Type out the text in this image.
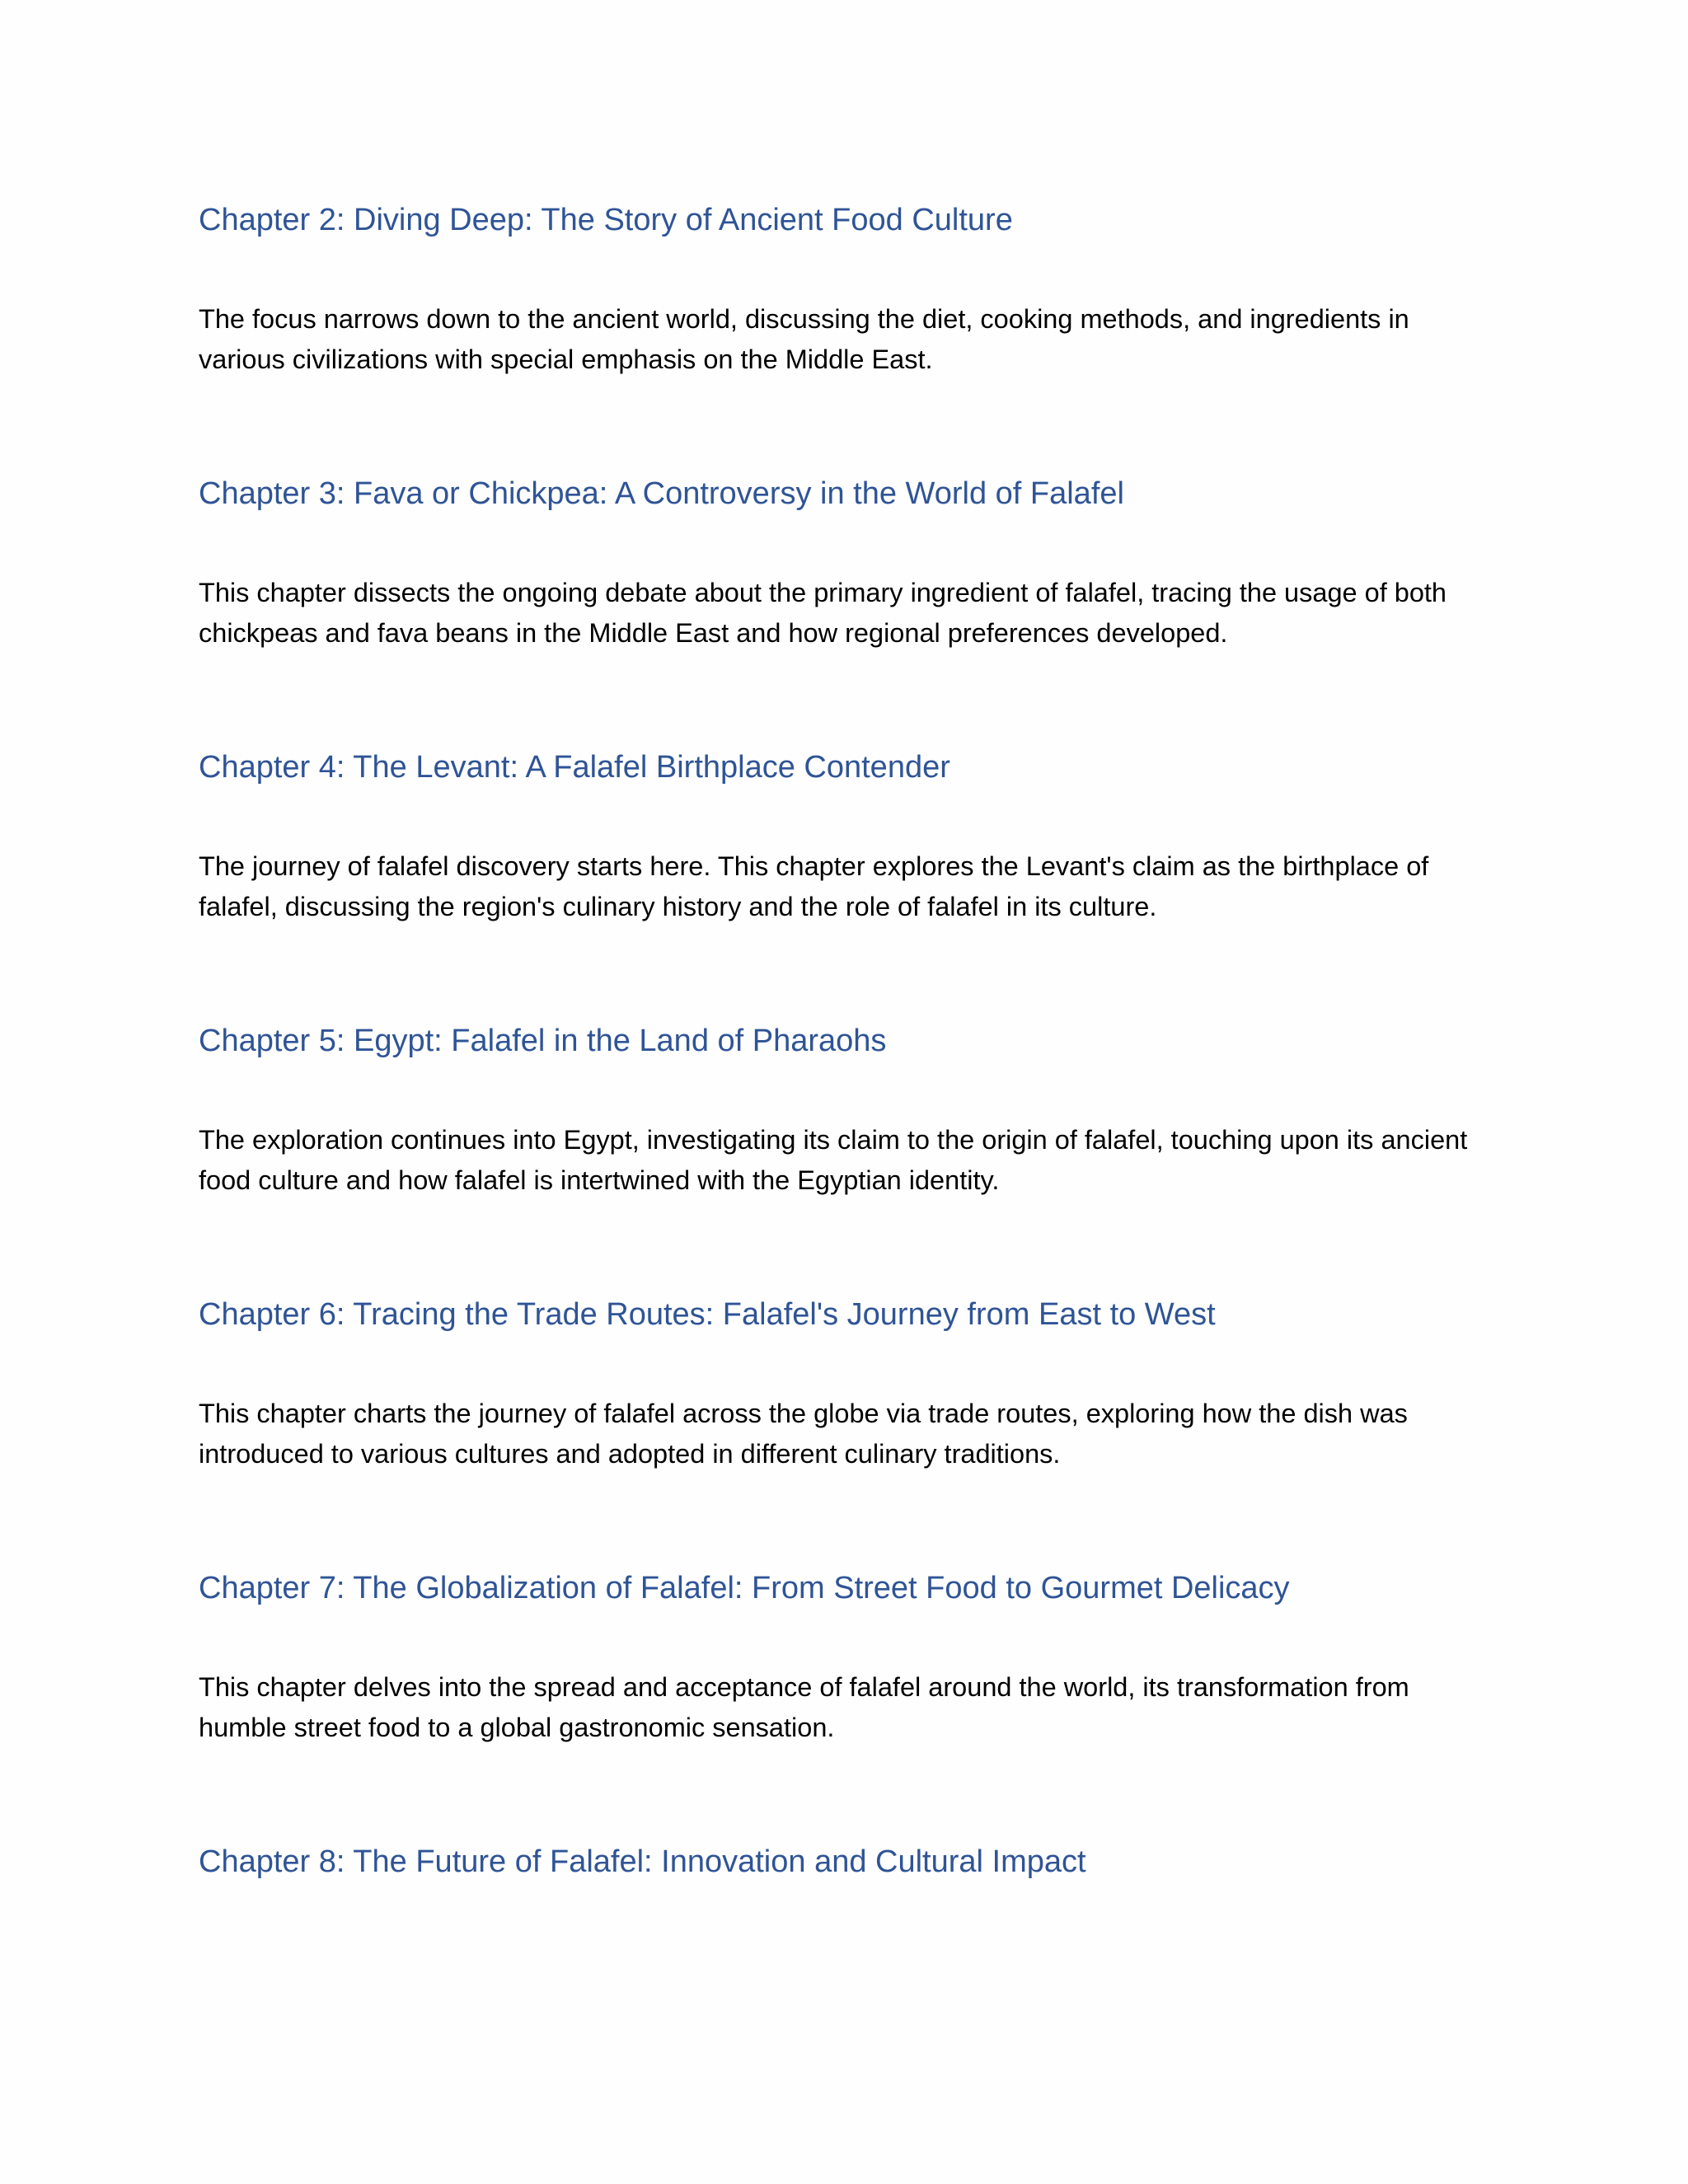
Chapter 2: Diving Deep: The Story of Ancient Food Culture

The focus narrows down to the ancient world, discussing the diet, cooking methods, and ingredients in various civilizations with special emphasis on the Middle East.

Chapter 3: Fava or Chickpea: A Controversy in the World of Falafel

This chapter dissects the ongoing debate about the primary ingredient of falafel, tracing the usage of both chickpeas and fava beans in the Middle East and how regional preferences developed.

Chapter 4: The Levant: A Falafel Birthplace Contender

The journey of falafel discovery starts here. This chapter explores the Levant's claim as the birthplace of falafel, discussing the region's culinary history and the role of falafel in its culture.

Chapter 5: Egypt: Falafel in the Land of Pharaohs

The exploration continues into Egypt, investigating its claim to the origin of falafel, touching upon its ancient food culture and how falafel is intertwined with the Egyptian identity.

Chapter 6: Tracing the Trade Routes: Falafel's Journey from East to West

This chapter charts the journey of falafel across the globe via trade routes, exploring how the dish was introduced to various cultures and adopted in different culinary traditions.

Chapter 7: The Globalization of Falafel: From Street Food to Gourmet Delicacy

This chapter delves into the spread and acceptance of falafel around the world, its transformation from humble street food to a global gastronomic sensation.

Chapter 8: The Future of Falafel: Innovation and Cultural Impact
